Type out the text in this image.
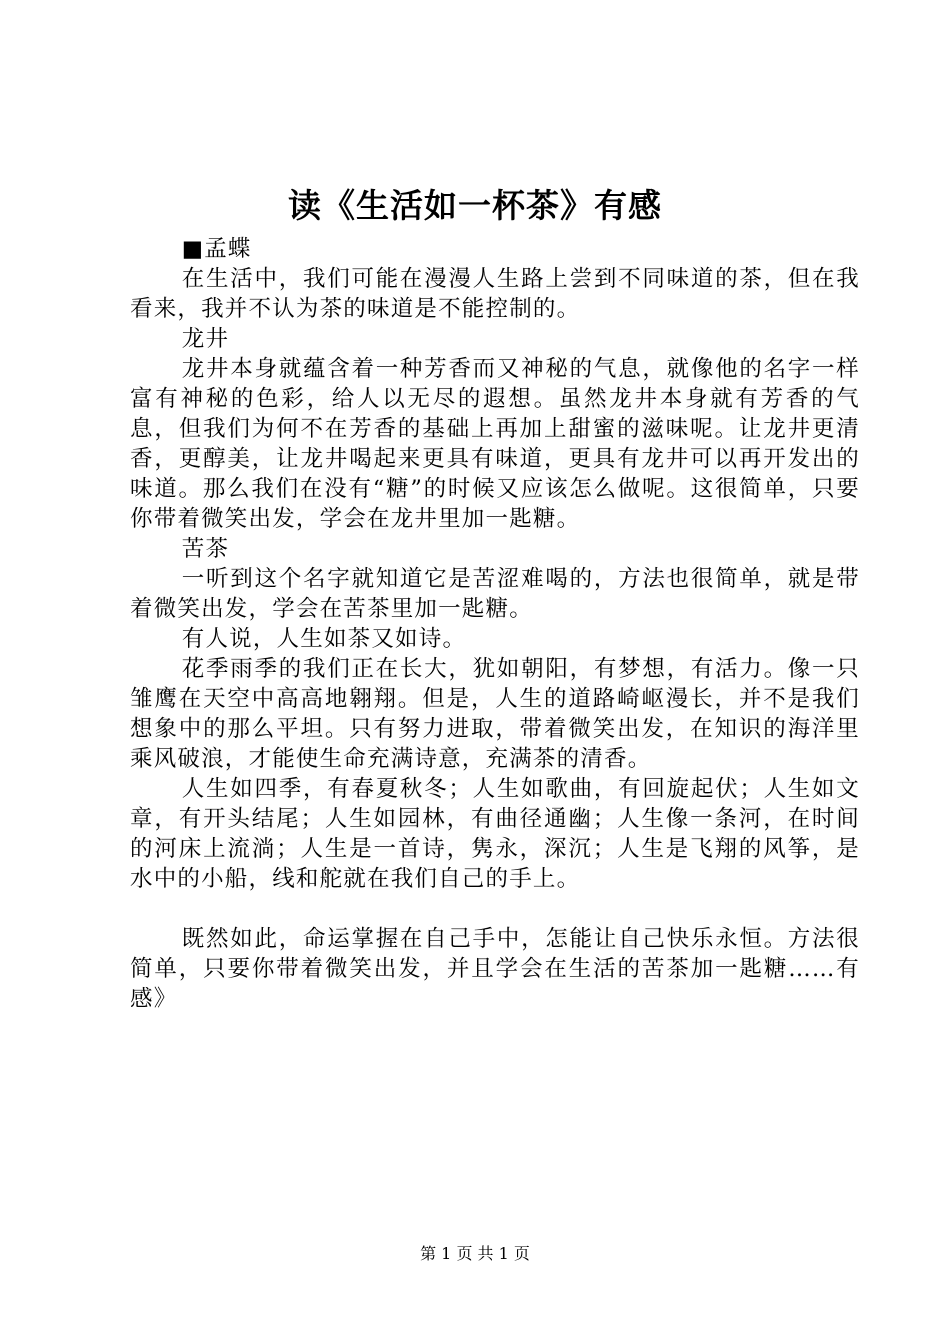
读《生活如一杯茶》有感

■孟蝶

在生活中，我们可能在漫漫人生路上尝到不同味道的茶，但在我看来，我并不认为茶的味道是不能控制的。

龙井

龙井本身就蕴含着一种芳香而又神秘的气息，就像他的名字一样富有神秘的色彩，给人以无尽的遐想。虽然龙井本身就有芳香的气息，但我们为何不在芳香的基础上再加上甜蜜的滋味呢。让龙井更清香，更醇美，让龙井喝起来更具有味道，更具有龙井可以再开发出的味道。那么我们在没有“糖”的时候又应该怎么做呢。这很简单，只要你带着微笑出发，学会在龙井里加一匙糖。

苦茶

一听到这个名字就知道它是苦涩难喝的，方法也很简单，就是带着微笑出发，学会在苦茶里加一匙糖。

有人说，人生如茶又如诗。

花季雨季的我们正在长大，犹如朝阳，有梦想，有活力。像一只雏鹰在天空中高高地翱翔。但是，人生的道路崎岖漫长，并不是我们想象中的那么平坦。只有努力进取，带着微笑出发，在知识的海洋里乘风破浪，才能使生命充满诗意，充满茶的清香。

人生如四季，有春夏秋冬；人生如歌曲，有回旋起伏；人生如文章，有开头结尾；人生如园林，有曲径通幽；人生像一条河，在时间的河床上流淌；人生是一首诗，隽永，深沉；人生是飞翔的风筝，是水中的小船，线和舵就在我们自己的手上。

既然如此，命运掌握在自己手中，怎能让自己快乐永恒。方法很简单，只要你带着微笑出发，并且学会在生活的苦茶加一匙糖……有感》

第 1 页 共 1 页
